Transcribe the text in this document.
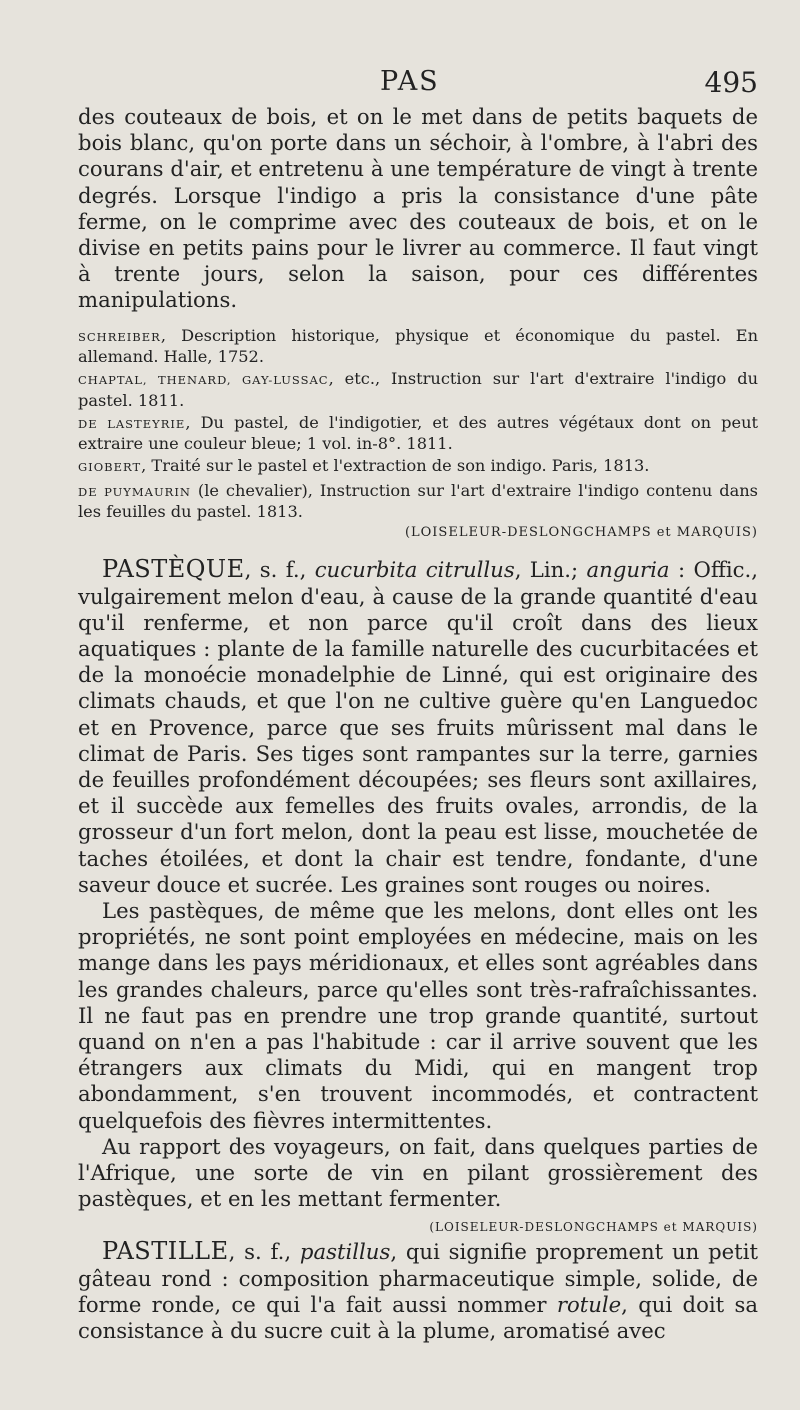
PAS	495

des couteaux de bois, et on le met dans de petits baquets de bois blanc, qu'on porte dans un séchoir, à l'ombre, à l'abri des courans d'air, et entretenu à une température de vingt à trente degrés. Lorsque l'indigo a pris la consistance d'une pâte ferme, on le comprime avec des couteaux de bois, et on le divise en petits pains pour le livrer au commerce. Il faut vingt à trente jours, selon la saison, pour ces différentes manipulations.

SCHREIBER, Description historique, physique et économique du pastel. En allemand. Halle, 1752.

CHAPTAL, THENARD, GAY-LUSSAC, etc., Instruction sur l'art d'extraire l'indigo du pastel. 1811.

DE LASTEYRIE, Du pastel, de l'indigotier, et des autres végétaux dont on peut extraire une couleur bleue; 1 vol. in-8°. 1811.

GIOBERT, Traité sur le pastel et l'extraction de son indigo. Paris, 1813.

DE PUYMAURIN (le chevalier), Instruction sur l'art d'extraire l'indigo contenu dans les feuilles du pastel. 1813.

(LOISELEUR-DESLONGCHAMPS et MARQUIS)

PASTÈQUE, s. f., cucurbita citrullus, Lin.; anguria : Offic., vulgairement melon d'eau, à cause de la grande quantité d'eau qu'il renferme, et non parce qu'il croît dans des lieux aquatiques : plante de la famille naturelle des cucurbitacées et de la monoécie monadelphie de Linné, qui est originaire des climats chauds, et que l'on ne cultive guère qu'en Languedoc et en Provence, parce que ses fruits mûrissent mal dans le climat de Paris. Ses tiges sont rampantes sur la terre, garnies de feuilles profondément découpées; ses fleurs sont axillaires, et il succède aux femelles des fruits ovales, arrondis, de la grosseur d'un fort melon, dont la peau est lisse, mouchetée de taches étoilées, et dont la chair est tendre, fondante, d'une saveur douce et sucrée. Les graines sont rouges ou noires.

Les pastèques, de même que les melons, dont elles ont les propriétés, ne sont point employées en médecine, mais on les mange dans les pays méridionaux, et elles sont agréables dans les grandes chaleurs, parce qu'elles sont très-rafraîchissantes. Il ne faut pas en prendre une trop grande quantité, surtout quand on n'en a pas l'habitude : car il arrive souvent que les étrangers aux climats du Midi, qui en mangent trop abondamment, s'en trouvent incommodés, et contractent quelquefois des fièvres intermittentes.

Au rapport des voyageurs, on fait, dans quelques parties de l'Afrique, une sorte de vin en pilant grossièrement des pastèques, et en les mettant fermenter.

(LOISELEUR-DESLONGCHAMPS et MARQUIS)

PASTILLE, s. f., pastillus, qui signifie proprement un petit gâteau rond : composition pharmaceutique simple, solide, de forme ronde, ce qui l'a fait aussi nommer rotule, qui doit sa consistance à du sucre cuit à la plume, aromatisé avec
